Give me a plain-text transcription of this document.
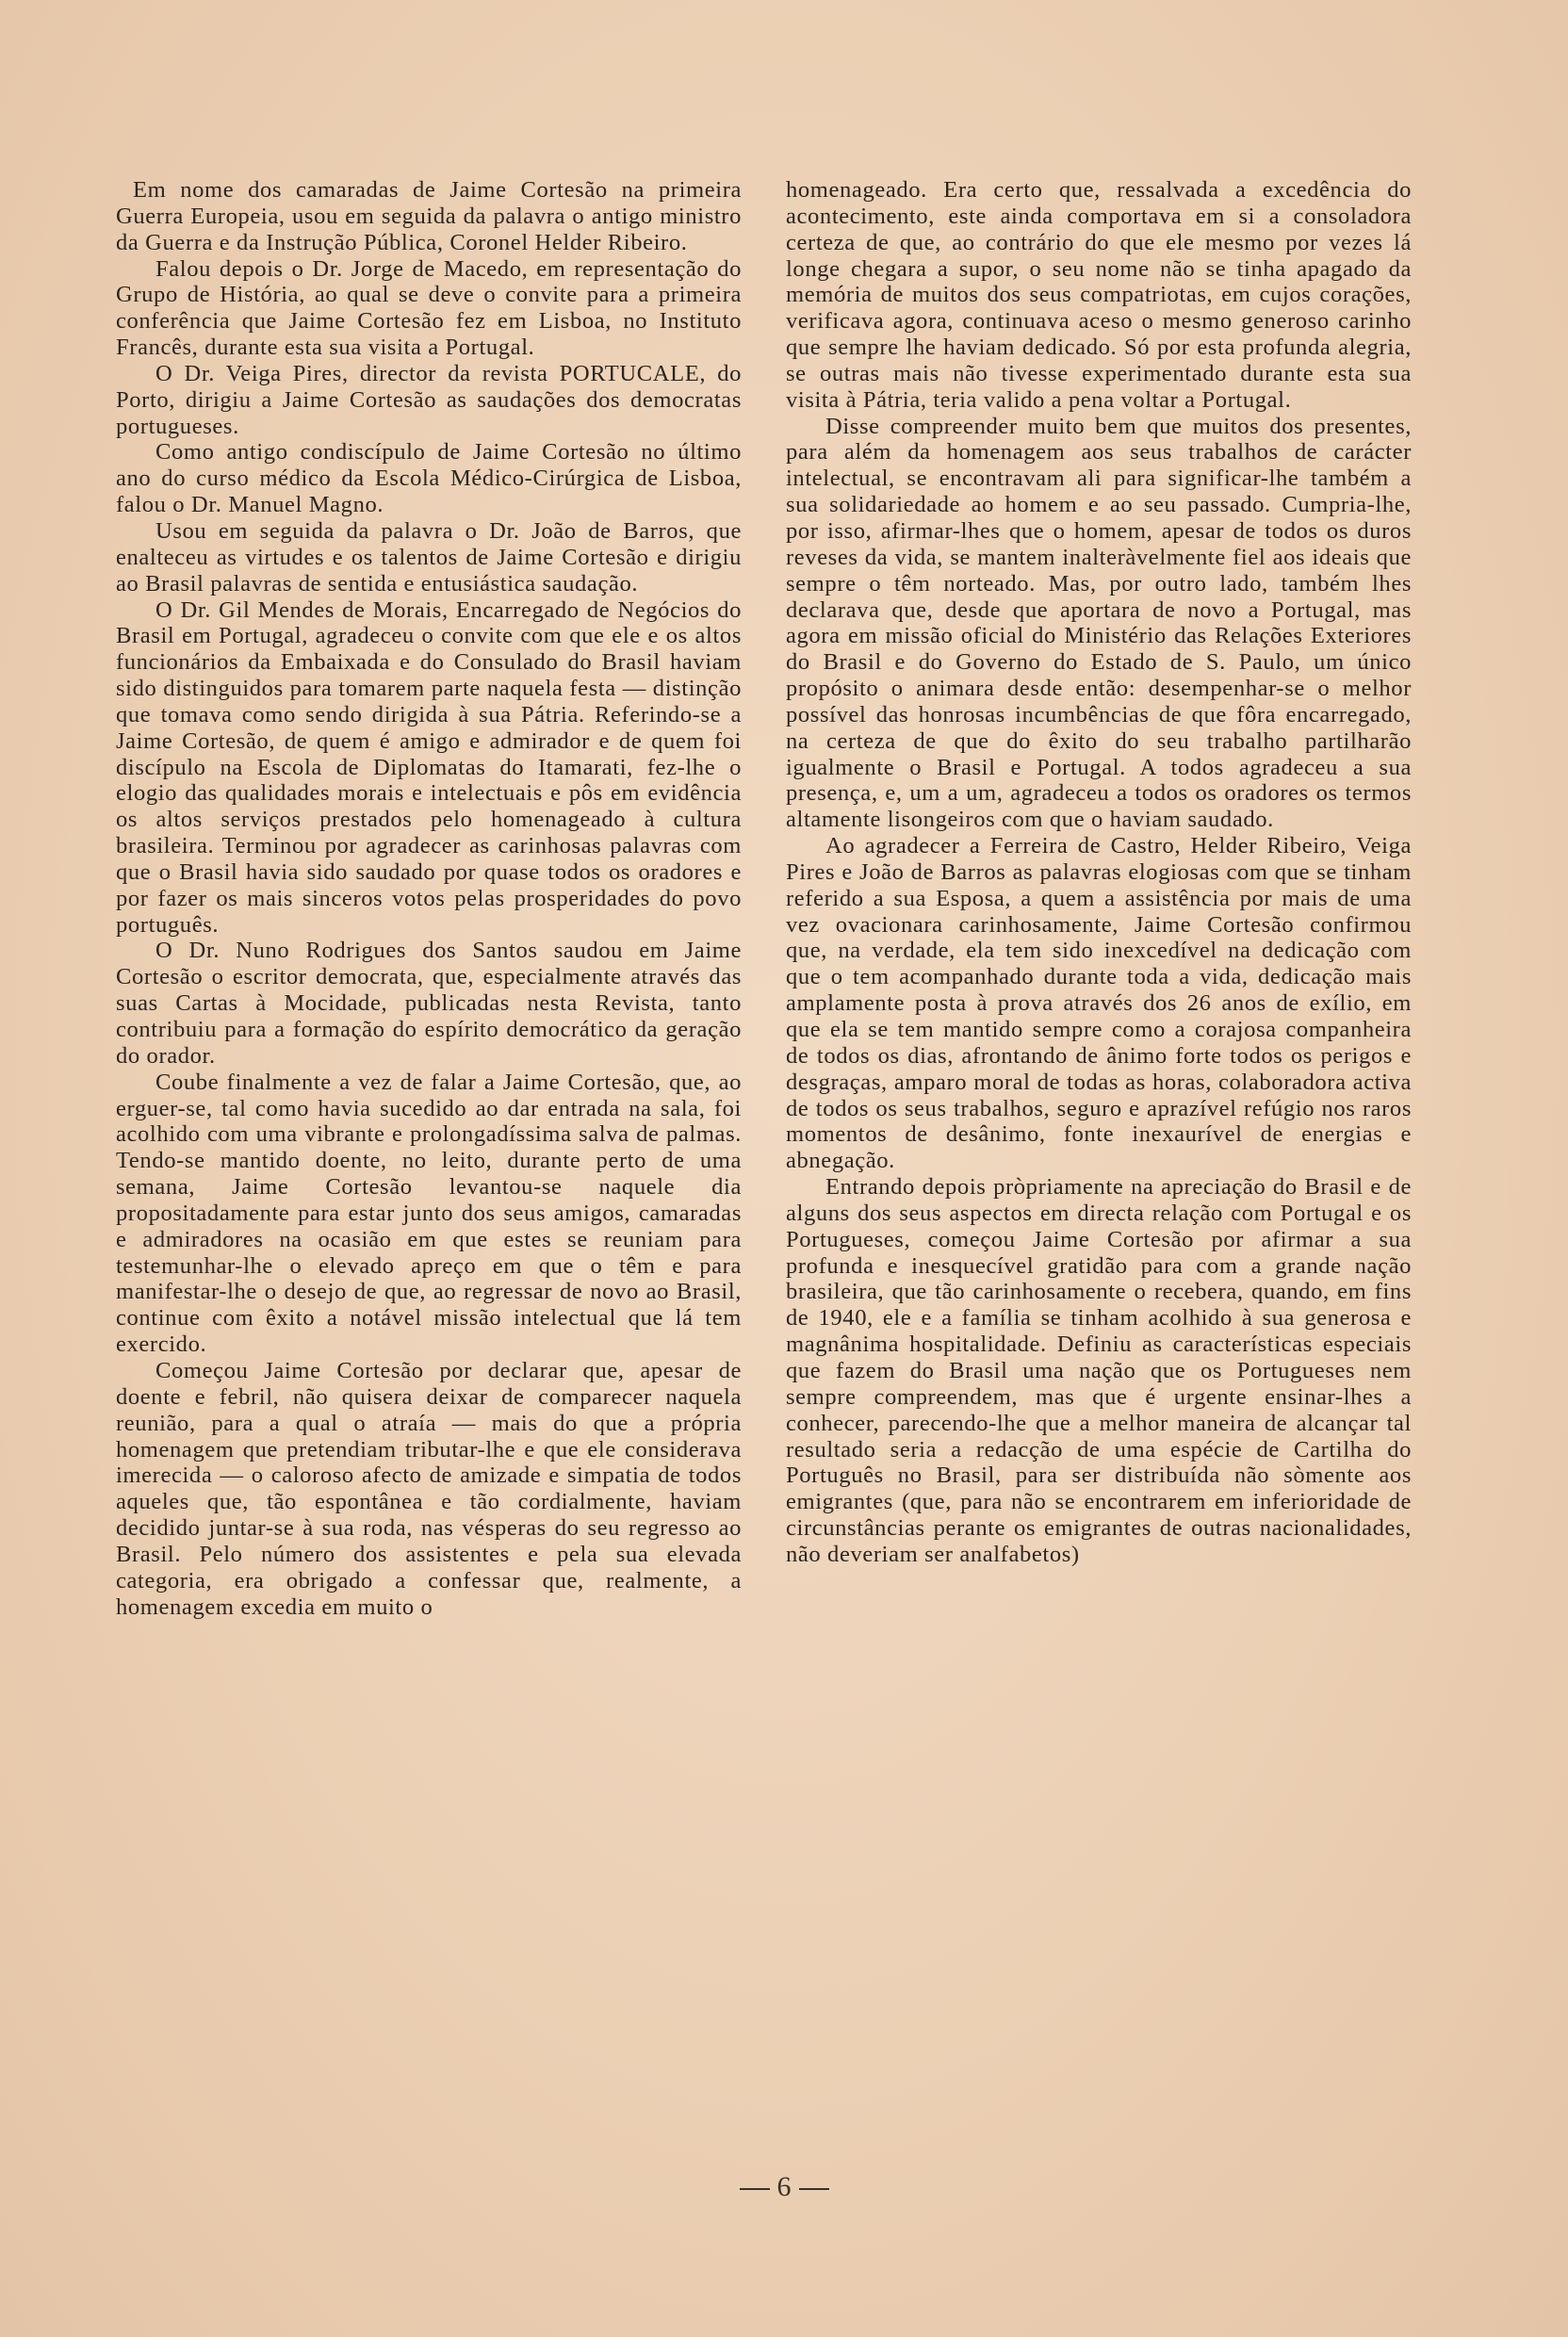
Em nome dos camaradas de Jaime Cortesão na primeira Guerra Europeia, usou em seguida da palavra o antigo ministro da Guerra e da Instrução Pública, Coronel Helder Ribeiro.

Falou depois o Dr. Jorge de Macedo, em representação do Grupo de História, ao qual se deve o convite para a primeira conferência que Jaime Cortesão fez em Lisboa, no Instituto Francês, durante esta sua visita a Portugal.

O Dr. Veiga Pires, director da revista PORTUCALE, do Porto, dirigiu a Jaime Cortesão as saudações dos democratas portugueses.

Como antigo condiscípulo de Jaime Cortesão no último ano do curso médico da Escola Médico-Cirúrgica de Lisboa, falou o Dr. Manuel Magno.

Usou em seguida da palavra o Dr. João de Barros, que enalteceu as virtudes e os talentos de Jaime Cortesão e dirigiu ao Brasil palavras de sentida e entusiástica saudação.

O Dr. Gil Mendes de Morais, Encarregado de Negócios do Brasil em Portugal, agradeceu o convite com que ele e os altos funcionários da Embaixada e do Consulado do Brasil haviam sido distinguidos para tomarem parte naquela festa — distinção que tomava como sendo dirigida à sua Pátria. Referindo-se a Jaime Cortesão, de quem é amigo e admirador e de quem foi discípulo na Escola de Diplomatas do Itamarati, fez-lhe o elogio das qualidades morais e intelectuais e pôs em evidência os altos serviços prestados pelo homenageado à cultura brasileira. Terminou por agradecer as carinhosas palavras com que o Brasil havia sido saudado por quase todos os oradores e por fazer os mais sinceros votos pelas prosperidades do povo português.

O Dr. Nuno Rodrigues dos Santos saudou em Jaime Cortesão o escritor democrata, que, especialmente através das suas Cartas à Mocidade, publicadas nesta Revista, tanto contribuiu para a formação do espírito democrático da geração do orador.

Coube finalmente a vez de falar a Jaime Cortesão, que, ao erguer-se, tal como havia sucedido ao dar entrada na sala, foi acolhido com uma vibrante e prolongadíssima salva de palmas. Tendo-se mantido doente, no leito, durante perto de uma semana, Jaime Cortesão levantou-se naquele dia propositadamente para estar junto dos seus amigos, camaradas e admiradores na ocasião em que estes se reuniam para testemunhar-lhe o elevado apreço em que o têm e para manifestar-lhe o desejo de que, ao regressar de novo ao Brasil, continue com êxito a notável missão intelectual que lá tem exercido.

Começou Jaime Cortesão por declarar que, apesar de doente e febril, não quisera deixar de comparecer naquela reunião, para a qual o atraía — mais do que a própria homenagem que pretendiam tributar-lhe e que ele considerava imerecida — o caloroso afecto de amizade e simpatia de todos aqueles que, tão espontânea e tão cordialmente, haviam decidido juntar-se à sua roda, nas vésperas do seu regresso ao Brasil. Pelo número dos assistentes e pela sua elevada categoria, era obrigado a confessar que, realmente, a homenagem excedia em muito o

homenageado. Era certo que, ressalvada a excedência do acontecimento, este ainda comportava em si a consoladora certeza de que, ao contrário do que ele mesmo por vezes lá longe chegara a supor, o seu nome não se tinha apagado da memória de muitos dos seus compatriotas, em cujos corações, verificava agora, continuava aceso o mesmo generoso carinho que sempre lhe haviam dedicado. Só por esta profunda alegria, se outras mais não tivesse experimentado durante esta sua visita à Pátria, teria valido a pena voltar a Portugal.

Disse compreender muito bem que muitos dos presentes, para além da homenagem aos seus trabalhos de carácter intelectual, se encontravam ali para significar-lhe também a sua solidariedade ao homem e ao seu passado. Cumpria-lhe, por isso, afirmar-lhes que o homem, apesar de todos os duros reveses da vida, se mantem inalteràvelmente fiel aos ideais que sempre o têm norteado. Mas, por outro lado, também lhes declarava que, desde que aportara de novo a Portugal, mas agora em missão oficial do Ministério das Relações Exteriores do Brasil e do Governo do Estado de S. Paulo, um único propósito o animara desde então: desempenhar-se o melhor possível das honrosas incumbências de que fôra encarregado, na certeza de que do êxito do seu trabalho partilharão igualmente o Brasil e Portugal. A todos agradeceu a sua presença, e, um a um, agradeceu a todos os oradores os termos altamente lisongeiros com que o haviam saudado.

Ao agradecer a Ferreira de Castro, Helder Ribeiro, Veiga Pires e João de Barros as palavras elogiosas com que se tinham referido a sua Esposa, a quem a assistência por mais de uma vez ovacionara carinhosamente, Jaime Cortesão confirmou que, na verdade, ela tem sido inexcedível na dedicação com que o tem acompanhado durante toda a vida, dedicação mais amplamente posta à prova através dos 26 anos de exílio, em que ela se tem mantido sempre como a corajosa companheira de todos os dias, afrontando de ânimo forte todos os perigos e desgraças, amparo moral de todas as horas, colaboradora activa de todos os seus trabalhos, seguro e aprazível refúgio nos raros momentos de desânimo, fonte inexaurível de energias e abnegação.

Entrando depois pròpriamente na apreciação do Brasil e de alguns dos seus aspectos em directa relação com Portugal e os Portugueses, começou Jaime Cortesão por afirmar a sua profunda e inesquecível gratidão para com a grande nação brasileira, que tão carinhosamente o recebera, quando, em fins de 1940, ele e a família se tinham acolhido à sua generosa e magnânima hospitalidade. Definiu as características especiais que fazem do Brasil uma nação que os Portugueses nem sempre compreendem, mas que é urgente ensinar-lhes a conhecer, parecendo-lhe que a melhor maneira de alcançar tal resultado seria a redacção de uma espécie de Cartilha do Português no Brasil, para ser distribuída não sòmente aos emigrantes (que, para não se encontrarem em inferioridade de circunstâncias perante os emigrantes de outras nacionalidades, não deveriam ser analfabetos)

6
